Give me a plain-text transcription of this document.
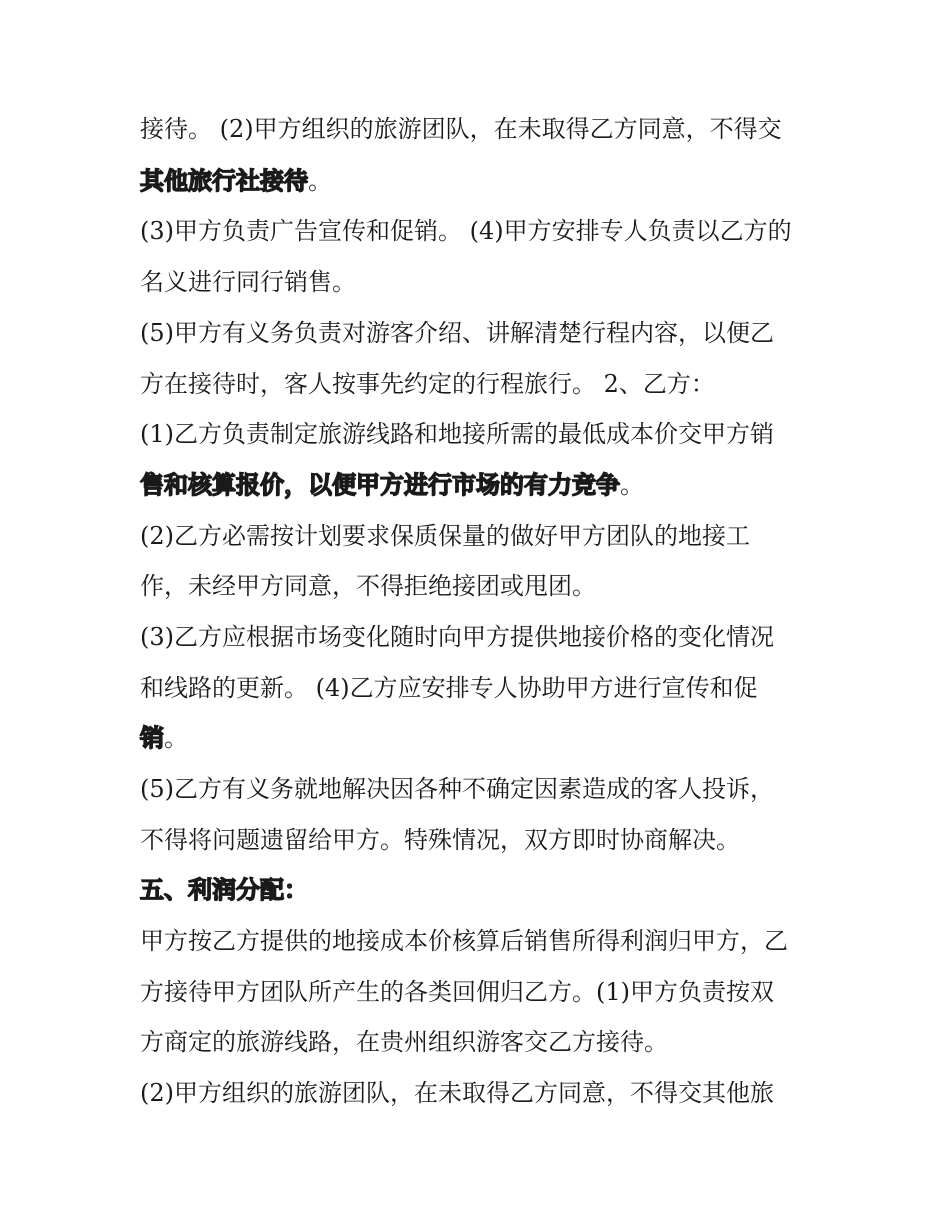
接待。 (2)甲方组织的旅游团队，在未取得乙方同意，不得交
其他旅行社接待。
(3)甲方负责广告宣传和促销。 (4)甲方安排专人负责以乙方的
名义进行同行销售。
(5)甲方有义务负责对游客介绍、讲解清楚行程内容，以便乙
方在接待时，客人按事先约定的行程旅行。 2、乙方：
(1)乙方负责制定旅游线路和地接所需的最低成本价交甲方销
售和核算报价，以便甲方进行市场的有力竞争。
(2)乙方必需按计划要求保质保量的做好甲方团队的地接工
作，未经甲方同意，不得拒绝接团或甩团。
(3)乙方应根据市场变化随时向甲方提供地接价格的变化情况
和线路的更新。 (4)乙方应安排专人协助甲方进行宣传和促
销。
(5)乙方有义务就地解决因各种不确定因素造成的客人投诉，
不得将问题遗留给甲方。特殊情况，双方即时协商解决。
五、利润分配：
甲方按乙方提供的地接成本价核算后销售所得利润归甲方，乙
方接待甲方团队所产生的各类回佣归乙方。(1)甲方负责按双
方商定的旅游线路，在贵州组织游客交乙方接待。
(2)甲方组织的旅游团队，在未取得乙方同意，不得交其他旅
